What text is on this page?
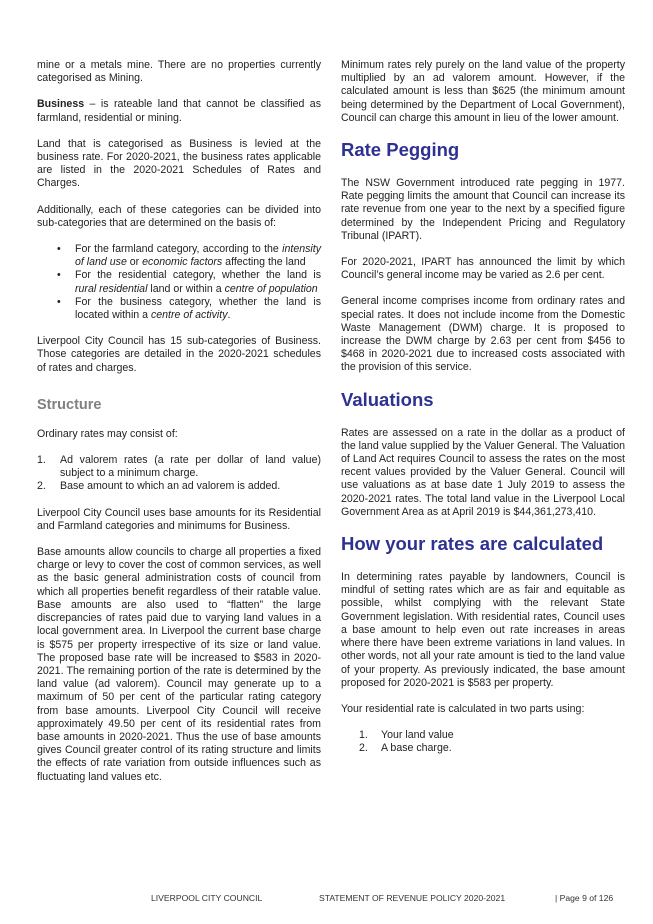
mine or a metals mine. There are no properties currently categorised as Mining.

Business – is rateable land that cannot be classified as farmland, residential or mining.

Land that is categorised as Business is levied at the business rate. For 2020-2021, the business rates applicable are listed in the 2020-2021 Schedules of Rates and Charges.

Additionally, each of these categories can be divided into sub-categories that are determined on the basis of:

• For the farmland category, according to the intensity of land use or economic factors affecting the land
• For the residential category, whether the land is rural residential land or within a centre of population
• For the business category, whether the land is located within a centre of activity.

Liverpool City Council has 15 sub-categories of Business. Those categories are detailed in the 2020-2021 schedules of rates and charges.

Structure

Ordinary rates may consist of:

1. Ad valorem rates (a rate per dollar of land value) subject to a minimum charge.
2. Base amount to which an ad valorem is added.

Liverpool City Council uses base amounts for its Residential and Farmland categories and minimums for Business.

Base amounts allow councils to charge all properties a fixed charge or levy to cover the cost of common services, as well as the basic general administration costs of council from which all properties benefit regardless of their ratable value. Base amounts are also used to “flatten” the large discrepancies of rates paid due to varying land values in a local government area. In Liverpool the current base charge is $575 per property irrespective of its size or land value. The proposed base rate will be increased to $583 in 2020-2021. The remaining portion of the rate is determined by the land value (ad valorem). Council may generate up to a maximum of 50 per cent of the particular rating category from base amounts. Liverpool City Council will receive approximately 49.50 per cent of its residential rates from base amounts in 2020-2021. Thus the use of base amounts gives Council greater control of its rating structure and limits the effects of rate variation from outside influences such as fluctuating land values etc.

Minimum rates rely purely on the land value of the property multiplied by an ad valorem amount. However, if the calculated amount is less than $625 (the minimum amount being determined by the Department of Local Government), Council can charge this amount in lieu of the lower amount.

Rate Pegging

The NSW Government introduced rate pegging in 1977. Rate pegging limits the amount that Council can increase its rate revenue from one year to the next by a specified figure determined by the Independent Pricing and Regulatory Tribunal (IPART).

For 2020-2021, IPART has announced the limit by which Council’s general income may be varied as 2.6 per cent.

General income comprises income from ordinary rates and special rates. It does not include income from the Domestic Waste Management (DWM) charge. It is proposed to increase the DWM charge by 2.63 per cent from $456 to $468 in 2020-2021 due to increased costs associated with the provision of this service.

Valuations

Rates are assessed on a rate in the dollar as a product of the land value supplied by the Valuer General. The Valuation of Land Act requires Council to assess the rates on the most recent values provided by the Valuer General. Council will use valuations as at base date 1 July 2019 to assess the 2020-2021 rates. The total land value in the Liverpool Local Government Area as at April 2019 is $44,361,273,410.

How your rates are calculated

In determining rates payable by landowners, Council is mindful of setting rates which are as fair and equitable as possible, whilst complying with the relevant State Government legislation. With residential rates, Council uses a base amount to help even out rate increases in areas where there have been extreme variations in land values. In other words, not all your rate amount is tied to the land value of your property. As previously indicated, the base amount proposed for 2020-2021 is $583 per property.

Your residential rate is calculated in two parts using:

1. Your land value
2. A base charge.
LIVERPOOL CITY COUNCIL	STATEMENT OF REVENUE POLICY 2020-2021	| Page 9 of 126
